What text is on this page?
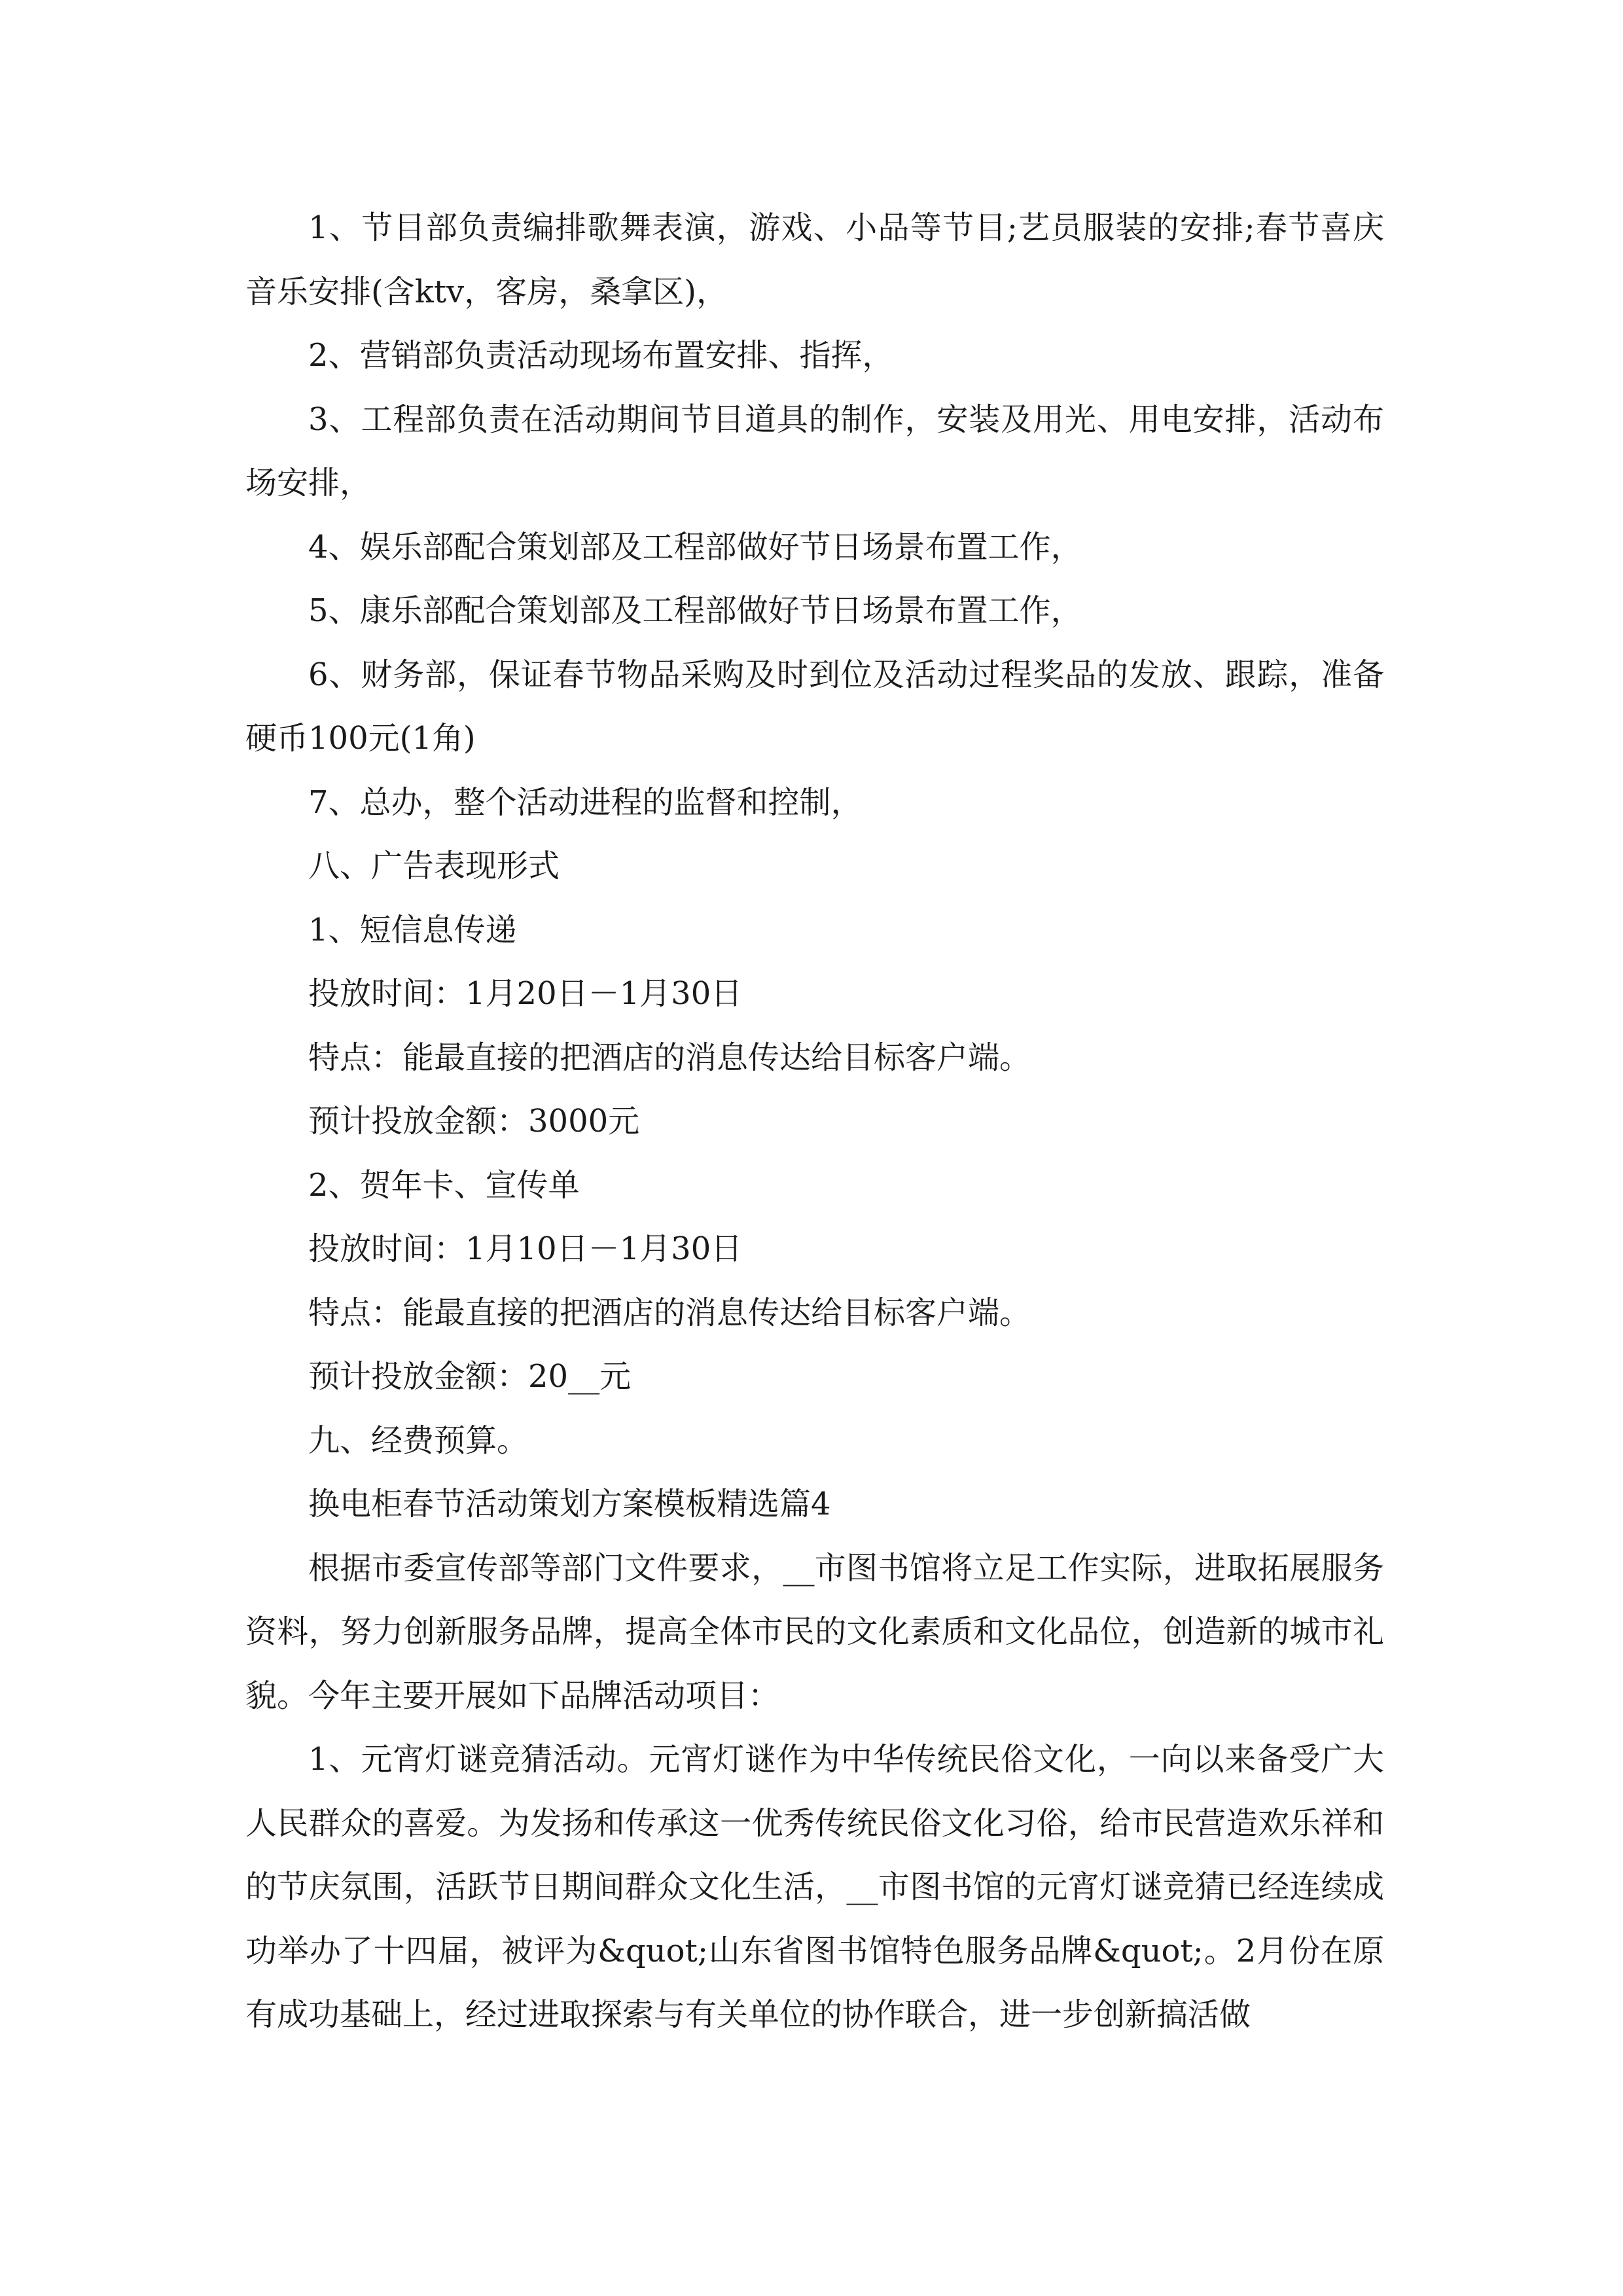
1、节目部负责编排歌舞表演，游戏、小品等节目;艺员服装的安排;春节喜庆音乐安排(含ktv，客房，桑拿区)，

2、营销部负责活动现场布置安排、指挥，

3、工程部负责在活动期间节目道具的制作，安装及用光、用电安排，活动布场安排，

4、娱乐部配合策划部及工程部做好节日场景布置工作，

5、康乐部配合策划部及工程部做好节日场景布置工作，

6、财务部，保证春节物品采购及时到位及活动过程奖品的发放、跟踪，准备硬币100元(1角)

7、总办，整个活动进程的监督和控制，

八、广告表现形式

1、短信息传递

投放时间：1月20日－1月30日

特点：能最直接的把酒店的消息传达给目标客户端。

预计投放金额：3000元

2、贺年卡、宣传单

投放时间：1月10日－1月30日

特点：能最直接的把酒店的消息传达给目标客户端。

预计投放金额：20__元

九、经费预算。

换电柜春节活动策划方案模板精选篇4

根据市委宣传部等部门文件要求，__市图书馆将立足工作实际，进取拓展服务资料，努力创新服务品牌，提高全体市民的文化素质和文化品位，创造新的城市礼貌。今年主要开展如下品牌活动项目：

1、元宵灯谜竞猜活动。元宵灯谜作为中华传统民俗文化，一向以来备受广大人民群众的喜爱。为发扬和传承这一优秀传统民俗文化习俗，给市民营造欢乐祥和的节庆氛围，活跃节日期间群众文化生活，__市图书馆的元宵灯谜竞猜已经连续成功举办了十四届，被评为&quot;山东省图书馆特色服务品牌&quot;。2月份在原有成功基础上，经过进取探索与有关单位的协作联合，进一步创新搞活做
